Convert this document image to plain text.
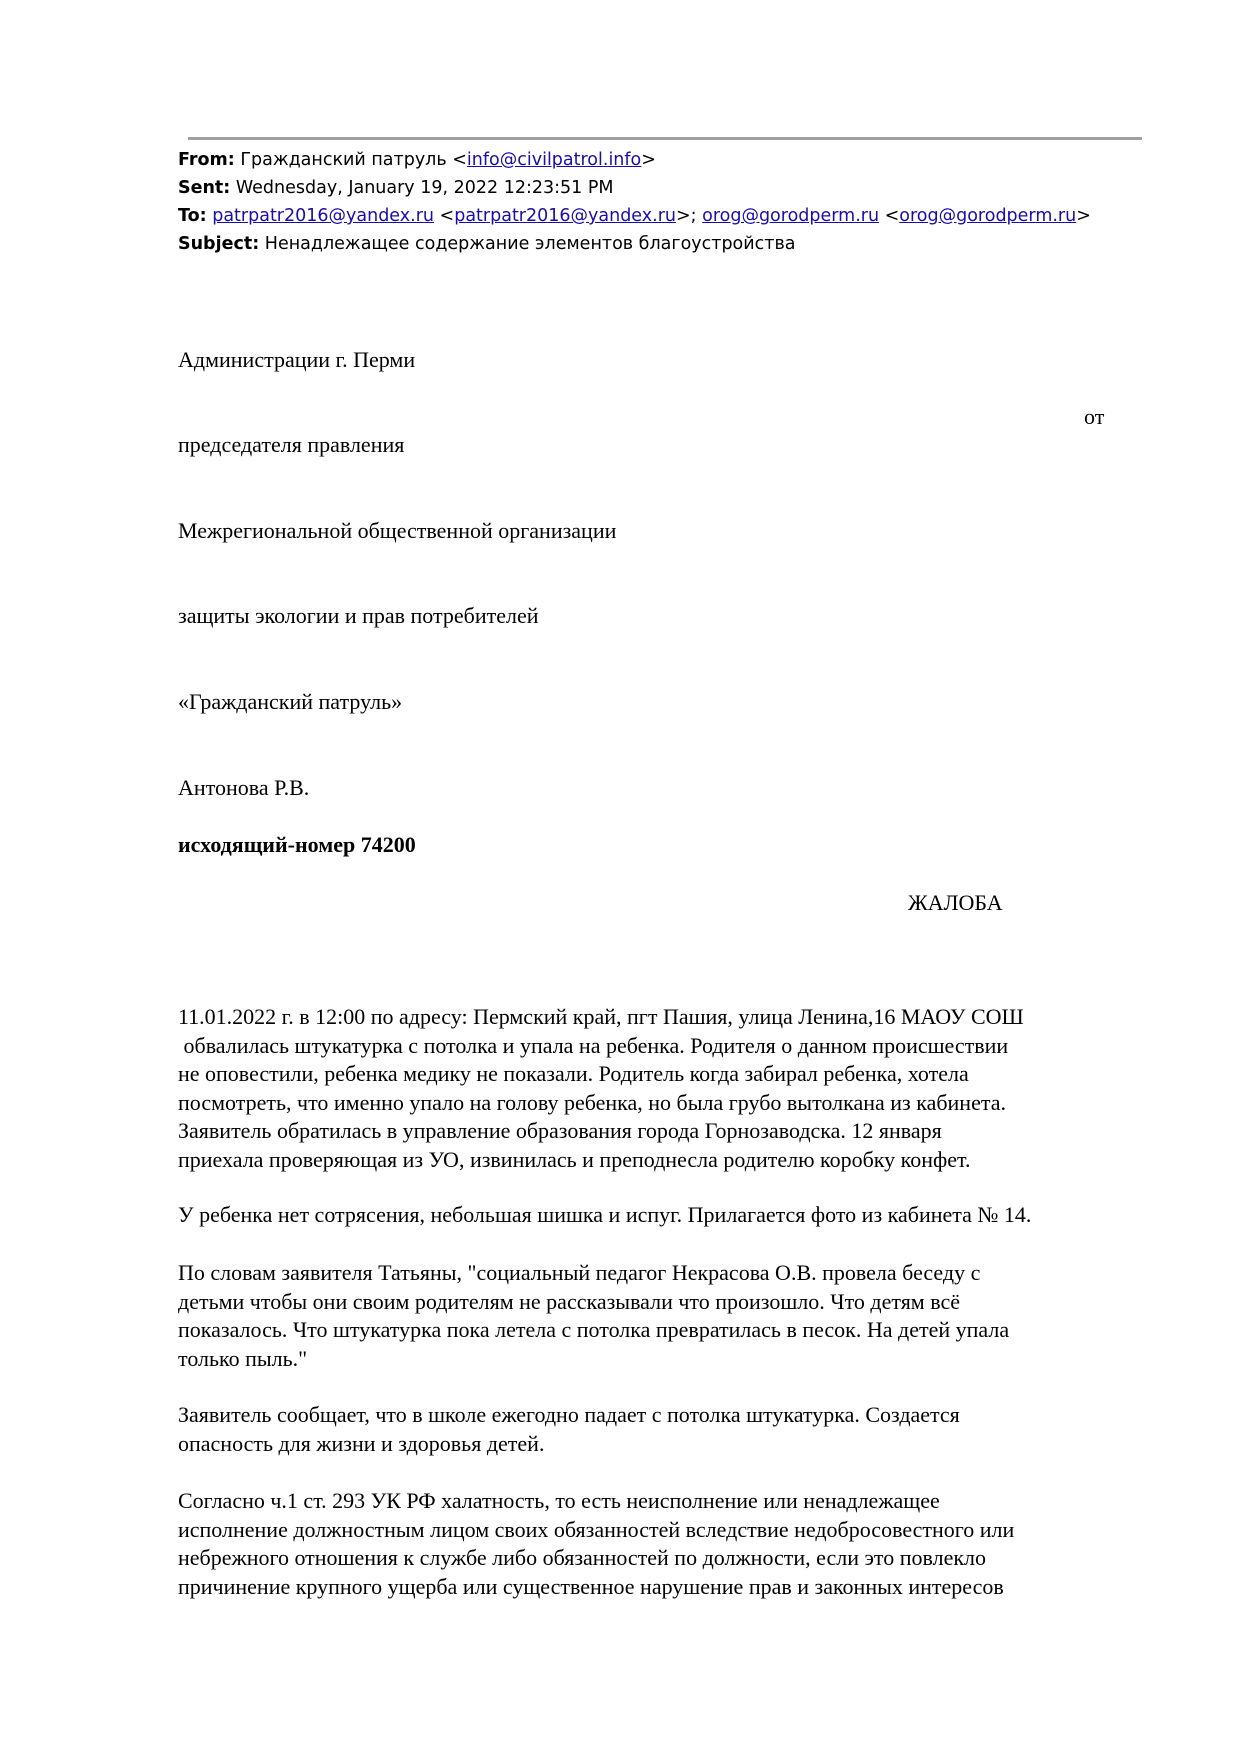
From: Гражданский патруль <info@civilpatrol.info>
Sent: Wednesday, January 19, 2022 12:23:51 PM
To: patrpatr2016@yandex.ru <patrpatr2016@yandex.ru>; orog@gorodperm.ru <orog@gorodperm.ru>
Subject: Ненадлежащее содержание элементов благоустройства
Администрации г. Перми
от
председателя правления
Межрегиональной общественной организации
защиты экологии и прав потребителей
«Гражданский патруль»
Антонова Р.В.
исходящий-номер 74200
ЖАЛОБА
11.01.2022 г. в 12:00 по адресу: Пермский край, пгт Пашия, улица Ленина,16 МАОУ СОШ
обвалилась штукатурка с потолка и упала на ребенка. Родителя о данном происшествии
не оповестили, ребенка медику не показали. Родитель когда забирал ребенка, хотела
посмотреть, что именно упало на голову ребенка, но была грубо вытолкана из кабинета.
Заявитель обратилась в управление образования города Горнозаводска. 12 января
приехала проверяющая из УО, извинилась и преподнесла родителю коробку конфет.
У ребенка нет сотрясения, небольшая шишка и испуг. Прилагается фото из кабинета № 14.
По словам заявителя Татьяны, "социальный педагог Некрасова О.В. провела беседу с
детьми чтобы они своим родителям не рассказывали что произошло. Что детям всё
показалось. Что штукатурка пока летела с потолка превратилась в песок. На детей упала
только пыль."
Заявитель сообщает, что в школе ежегодно падает с потолка штукатурка. Создается
опасность для жизни и здоровья детей.
Согласно ч.1 ст. 293 УК РФ халатность, то есть неисполнение или ненадлежащее
исполнение должностным лицом своих обязанностей вследствие недобросовестного или
небрежного отношения к службе либо обязанностей по должности, если это повлекло
причинение крупного ущерба или существенное нарушение прав и законных интересов
